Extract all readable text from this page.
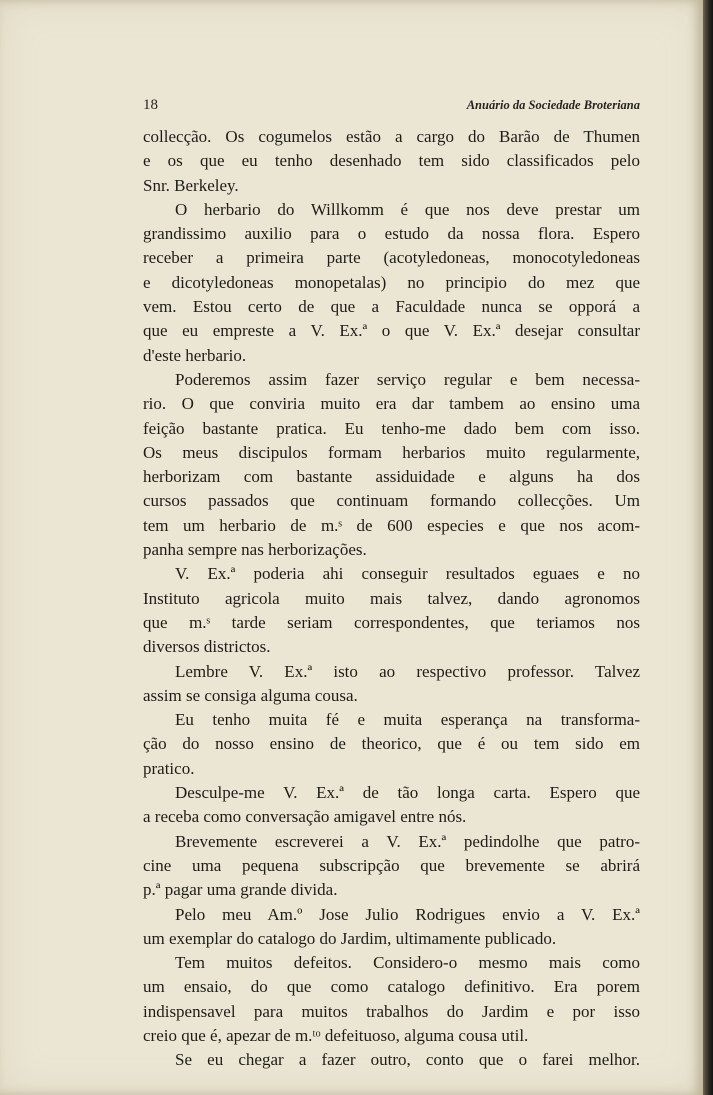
18	Anuário da Sociedade Broteriana
collecção. Os cogumelos estão a cargo do Barão de Thumen
e os que eu tenho desenhado tem sido classificados pelo
Snr. Berkeley.
O herbario do Willkomm é que nos deve prestar um
grandissimo auxilio para o estudo da nossa flora. Espero
receber a primeira parte (acotyledoneas, monocotyledoneas
e dicotyledoneas monopetalas) no principio do mez que
vem. Estou certo de que a Faculdade nunca se opporá a
que eu empreste a V. Ex.ª o que V. Ex.ª desejar consultar
d'este herbario.
Poderemos assim fazer serviço regular e bem necessa-
rio. O que conviria muito era dar tambem ao ensino uma
feição bastante pratica. Eu tenho-me dado bem com isso.
Os meus discipulos formam herbarios muito regularmente,
herborizam com bastante assiduidade e alguns ha dos
cursos passados que continuam formando collecções. Um
tem um herbario de m.ˢ de 600 especies e que nos acom-
panha sempre nas herborizações.
V. Ex.ª poderia ahi conseguir resultados eguaes e no
Instituto agricola muito mais talvez, dando agronomos
que m.ˢ tarde seriam correspondentes, que teriamos nos
diversos districtos.
Lembre V. Ex.ª isto ao respectivo professor. Talvez
assim se consiga alguma cousa.
Eu tenho muita fé e muita esperança na transforma-
ção do nosso ensino de theorico, que é ou tem sido em
pratico.
Desculpe-me V. Ex.ª de tão longa carta. Espero que
a receba como conversação amigavel entre nós.
Brevemente escreverei a V. Ex.ª pedindolhe que patro-
cine uma pequena subscripção que brevemente se abrirá
p.ª pagar uma grande divida.
Pelo meu Am.º Jose Julio Rodrigues envio a V. Ex.ª
um exemplar do catalogo do Jardim, ultimamente publicado.
Tem muitos defeitos. Considero-o mesmo mais como
um ensaio, do que como catalogo definitivo. Era porem
indispensavel para muitos trabalhos do Jardim e por isso
creio que é, apezar de m.ᵗᵒ defeituoso, alguma cousa util.
Se eu chegar a fazer outro, conto que o farei melhor.
